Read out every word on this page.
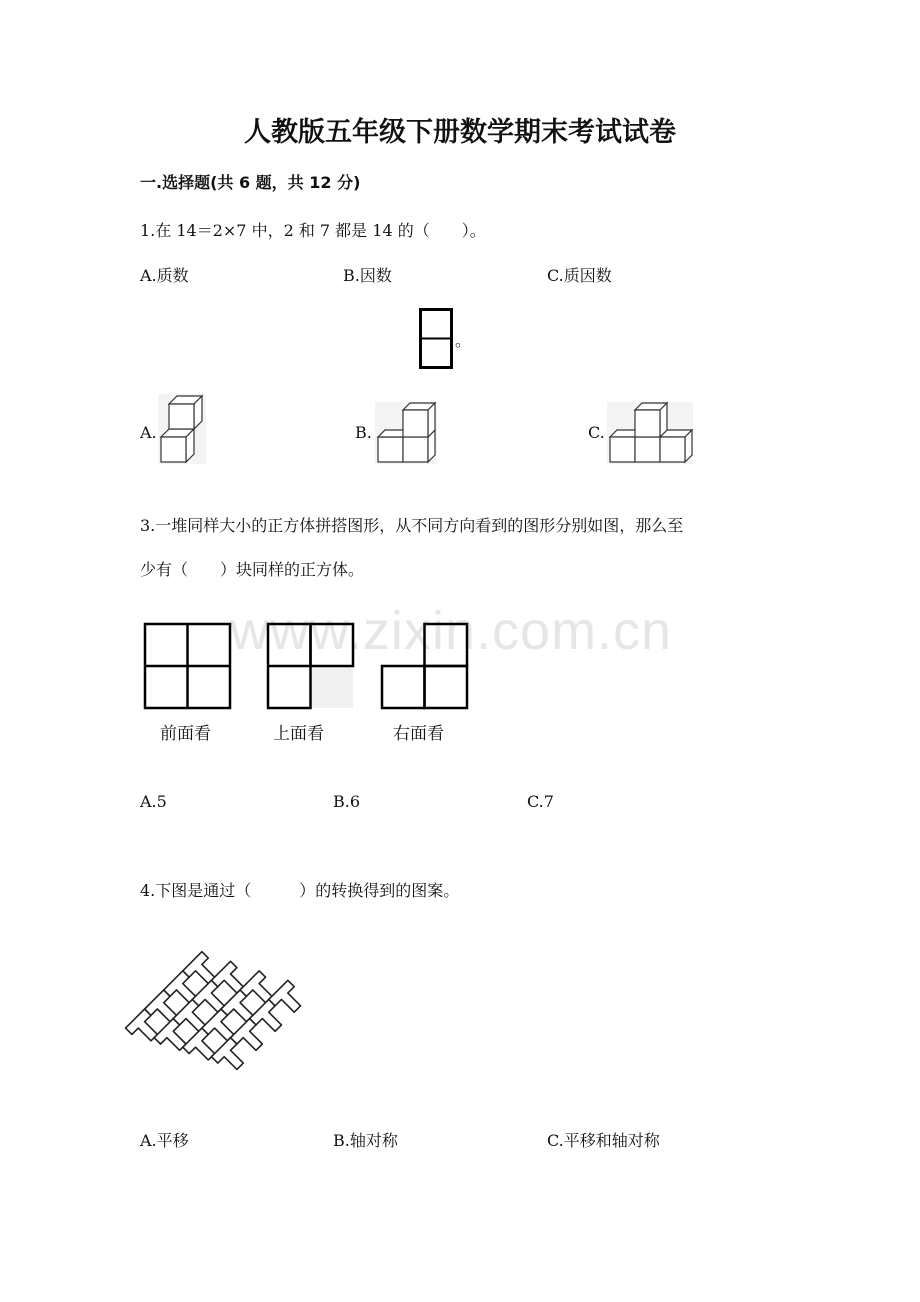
人教版五年级下册数学期末考试试卷
一.选择题(共 6 题，共 12 分)
www.zixin.com.cn
1.在 14＝2×7 中，2 和 7 都是 14 的（　　）。
A.质数	B.因数	C.质因数
。
A.	B.	C.
3.一堆同样大小的正方体拼搭图形，从不同方向看到的图形分别如图，那么至
少有（　　）块同样的正方体。
前面看	上面看	右面看
A.5	B.6	C.7
4.下图是通过（　　　）的转换得到的图案。
A.平移	B.轴对称	C.平移和轴对称
